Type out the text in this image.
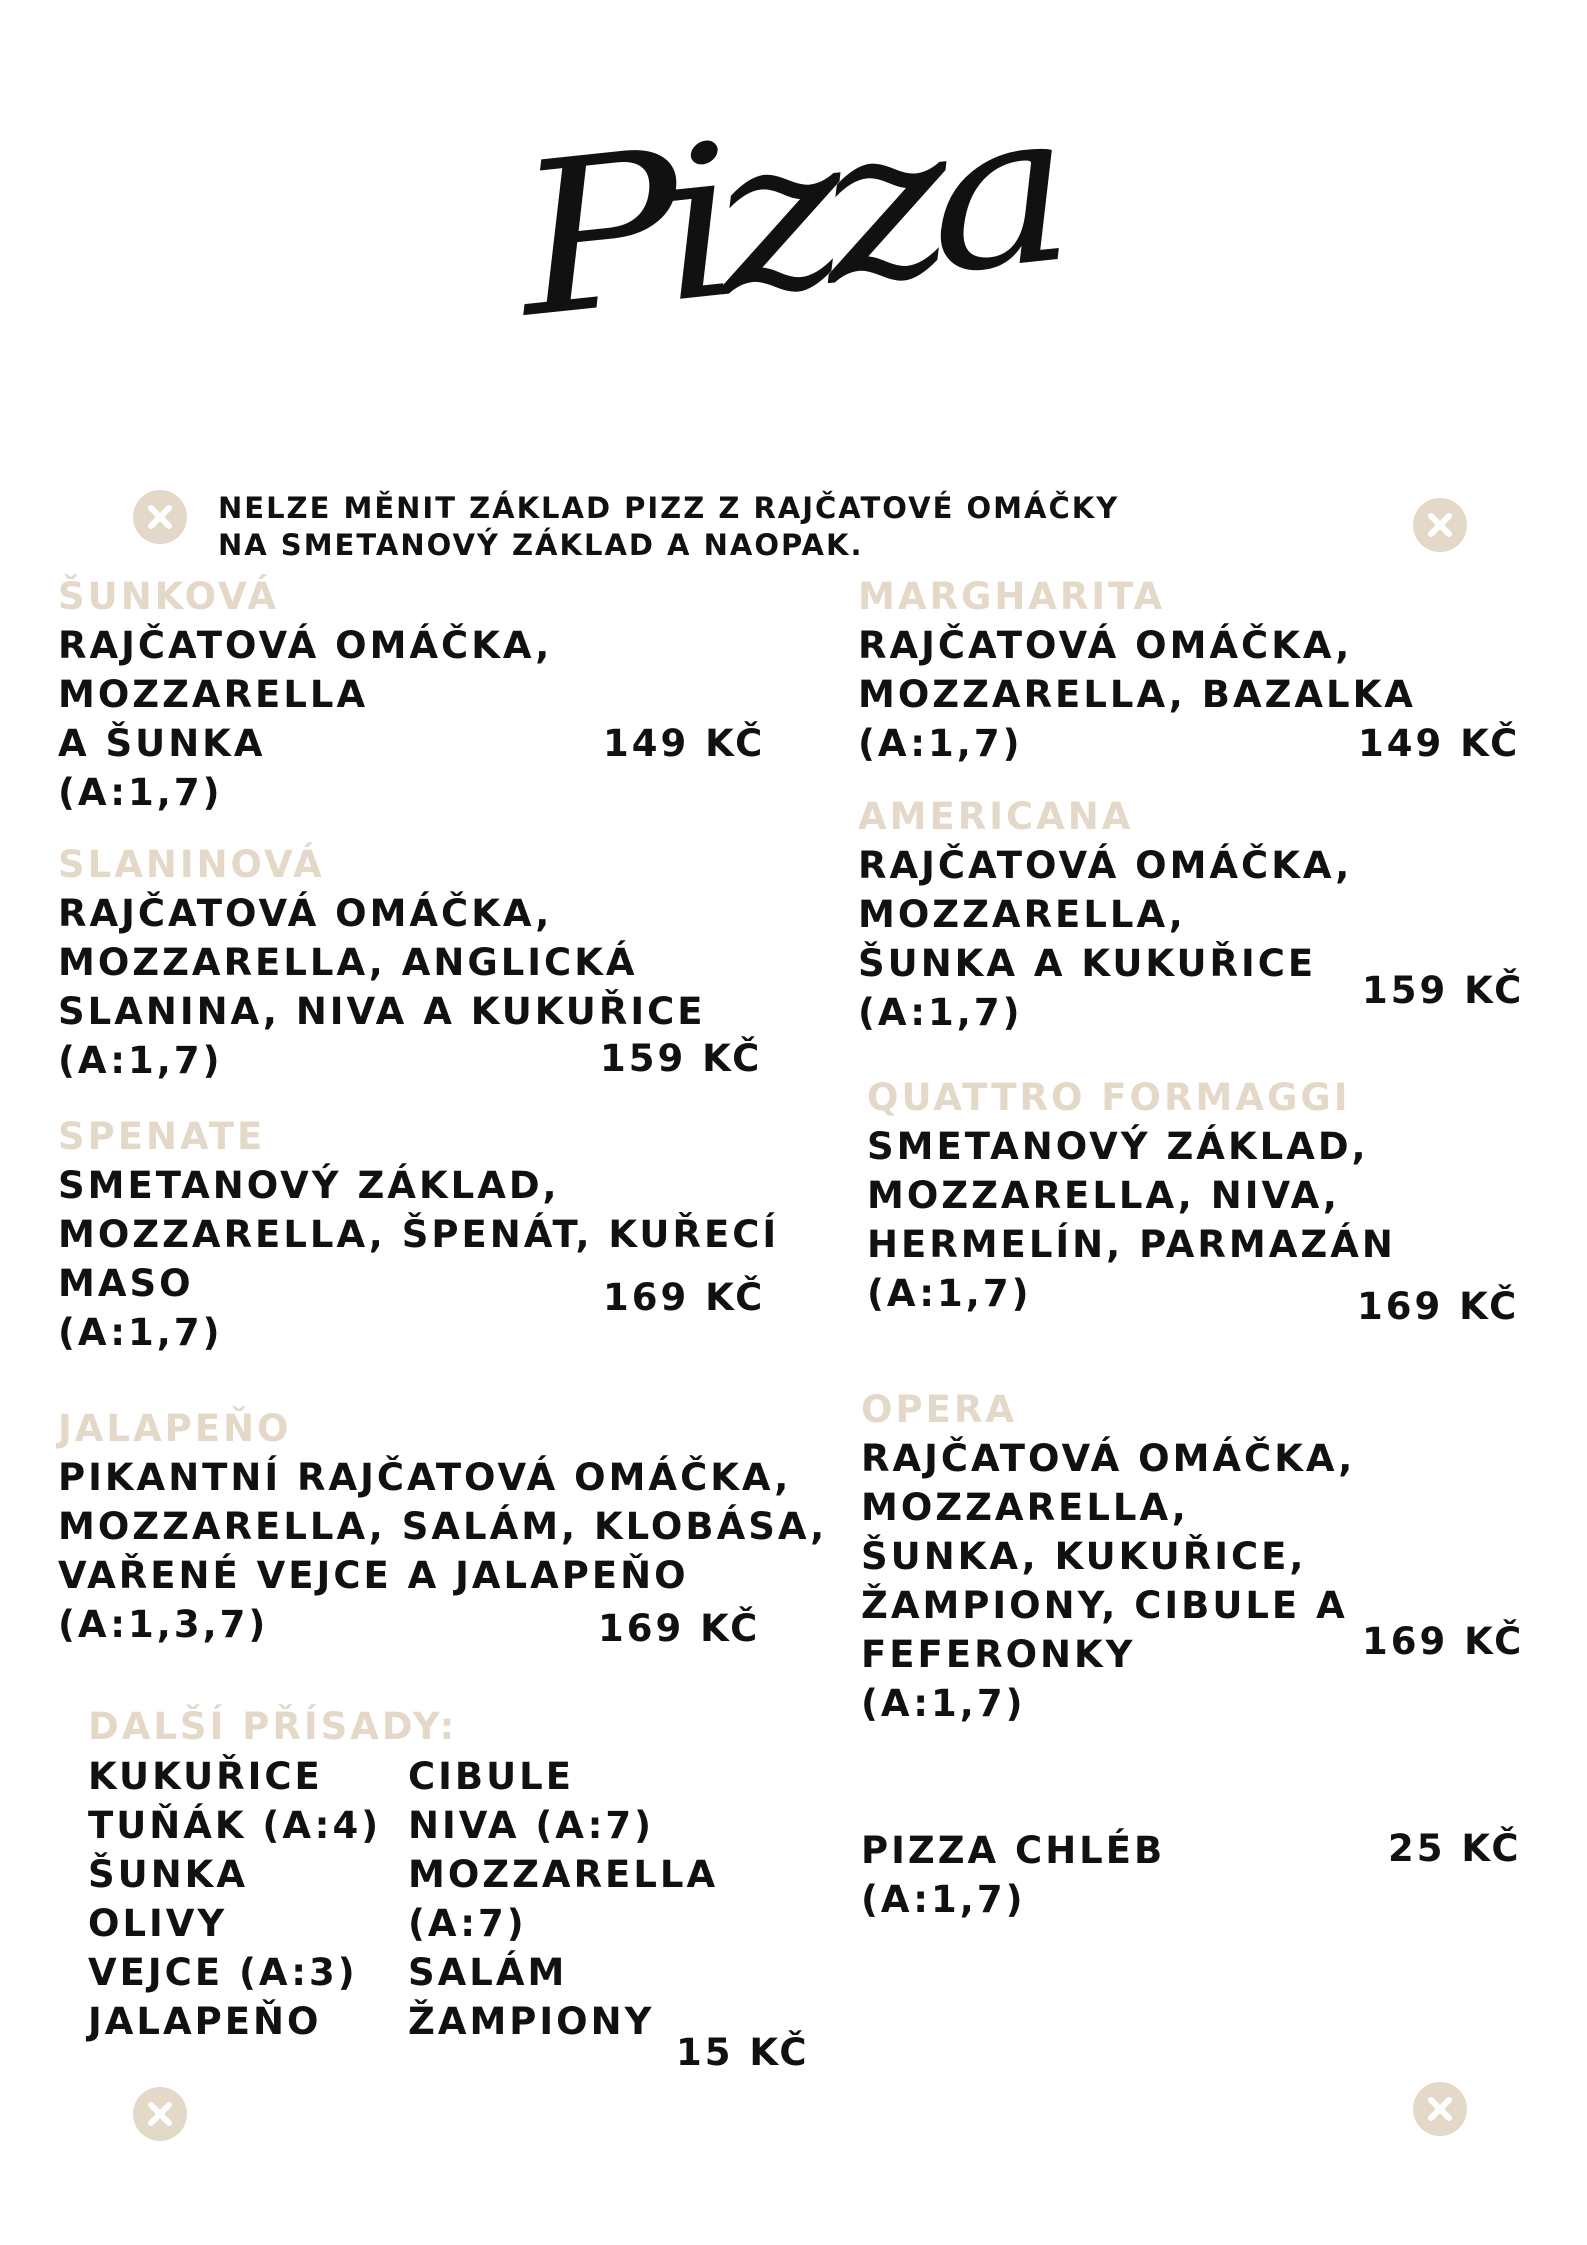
Pizza
NELZE MĚNIT ZÁKLAD PIZZ Z RAJČATOVÉ OMÁČKY
NA SMETANOVÝ ZÁKLAD A NAOPAK.
ŠUNKOVÁ
RAJČATOVÁ OMÁČKA,
MOZZARELLA
A ŠUNKA
(A:1,7)
149 KČ
SLANINOVÁ
RAJČATOVÁ OMÁČKA,
MOZZARELLA, ANGLICKÁ
SLANINA, NIVA A KUKUŘICE
(A:1,7)	159 KČ
SPENATE
SMETANOVÝ ZÁKLAD,
MOZZARELLA, ŠPENÁT, KUŘECÍ
MASO
(A:1,7)
169 KČ
JALAPEŇO
PIKANTNÍ RAJČATOVÁ OMÁČKA,
MOZZARELLA, SALÁM, KLOBÁSA,
VAŘENÉ VEJCE A JALAPEŇO
(A:1,3,7)	169 KČ
DALŠÍ PŘÍSADY:
KUKUŘICE
TUŇÁK (A:4)
ŠUNKA
OLIVY
VEJCE (A:3)
JALAPEŇO
CIBULE
NIVA (A:7)
MOZZARELLA
(A:7)
SALÁM
ŽAMPIONY
15 KČ
MARGHARITA
RAJČATOVÁ OMÁČKA,
MOZZARELLA, BAZALKA
(A:1,7)	149 KČ
AMERICANA
RAJČATOVÁ OMÁČKA,
MOZZARELLA,
ŠUNKA A KUKUŘICE
(A:1,7)
159 KČ
QUATTRO FORMAGGI
SMETANOVÝ ZÁKLAD,
MOZZARELLA, NIVA,
HERMELÍN, PARMAZÁN
(A:1,7)	169 KČ
OPERA
RAJČATOVÁ OMÁČKA,
MOZZARELLA,
ŠUNKA, KUKUŘICE,
ŽAMPIONY, CIBULE A
FEFERONKY
(A:1,7)
169 KČ
PIZZA CHLÉB
(A:1,7)
25 KČ
